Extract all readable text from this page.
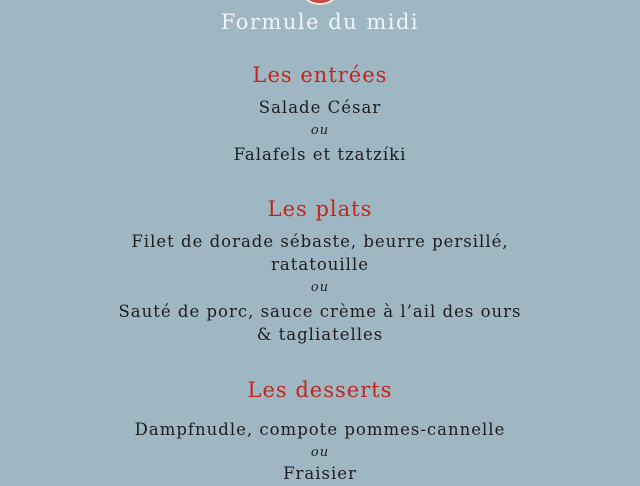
Formule du midi
Les entrées
Salade César
ou
Falafels et tzatzíki
Les plats
Filet de dorade sébaste, beurre persillé,
ratatouille
ou
Sauté de porc, sauce crème à l’ail des ours
& tagliatelles
Les desserts
Dampfnudle, compote pommes-cannelle
ou
Fraisier
